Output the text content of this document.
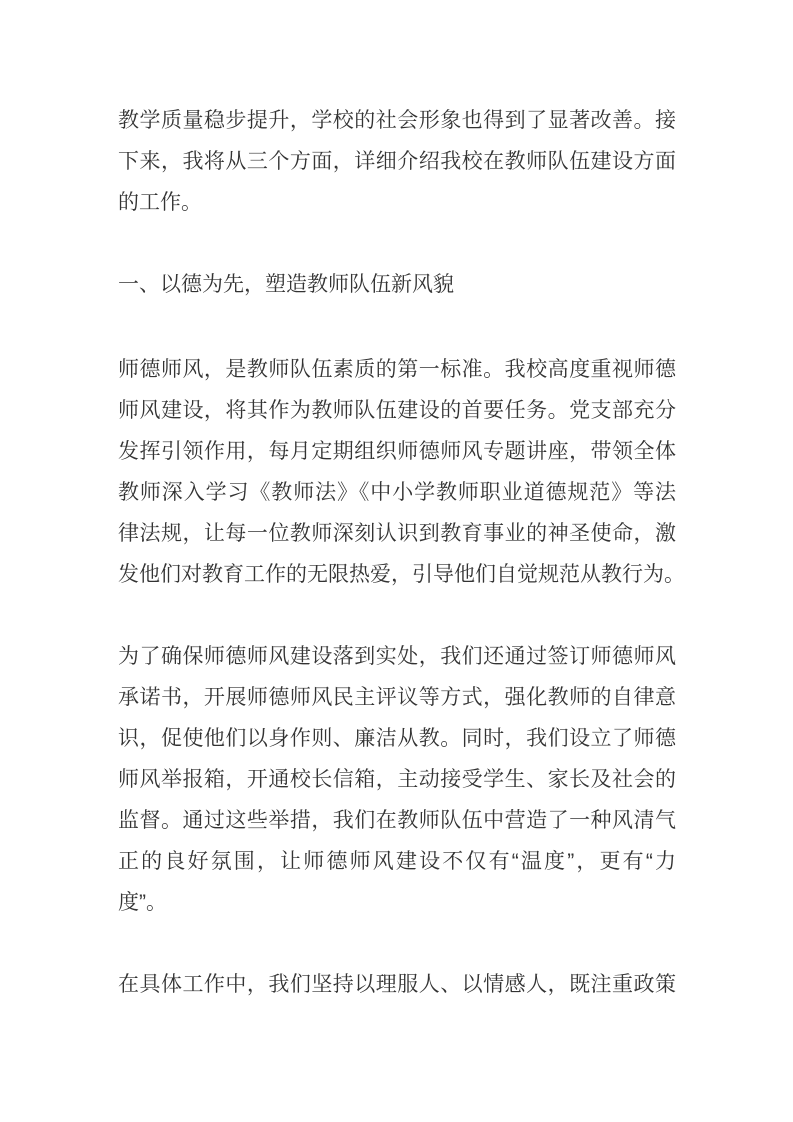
教学质量稳步提升，学校的社会形象也得到了显著改善。接
下来，我将从三个方面，详细介绍我校在教师队伍建设方面
的工作。
一、以德为先，塑造教师队伍新风貌
师德师风，是教师队伍素质的第一标准。我校高度重视师德
师风建设，将其作为教师队伍建设的首要任务。党支部充分
发挥引领作用，每月定期组织师德师风专题讲座，带领全体
教师深入学习《教师法》《中小学教师职业道德规范》等法
律法规，让每一位教师深刻认识到教育事业的神圣使命，激
发他们对教育工作的无限热爱，引导他们自觉规范从教行为。
为了确保师德师风建设落到实处，我们还通过签订师德师风
承诺书，开展师德师风民主评议等方式，强化教师的自律意
识，促使他们以身作则、廉洁从教。同时，我们设立了师德
师风举报箱，开通校长信箱，主动接受学生、家长及社会的
监督。通过这些举措，我们在教师队伍中营造了一种风清气
正的良好氛围，让师德师风建设不仅有“温度”，更有“力
度”。
在具体工作中，我们坚持以理服人、以情感人，既注重政策
